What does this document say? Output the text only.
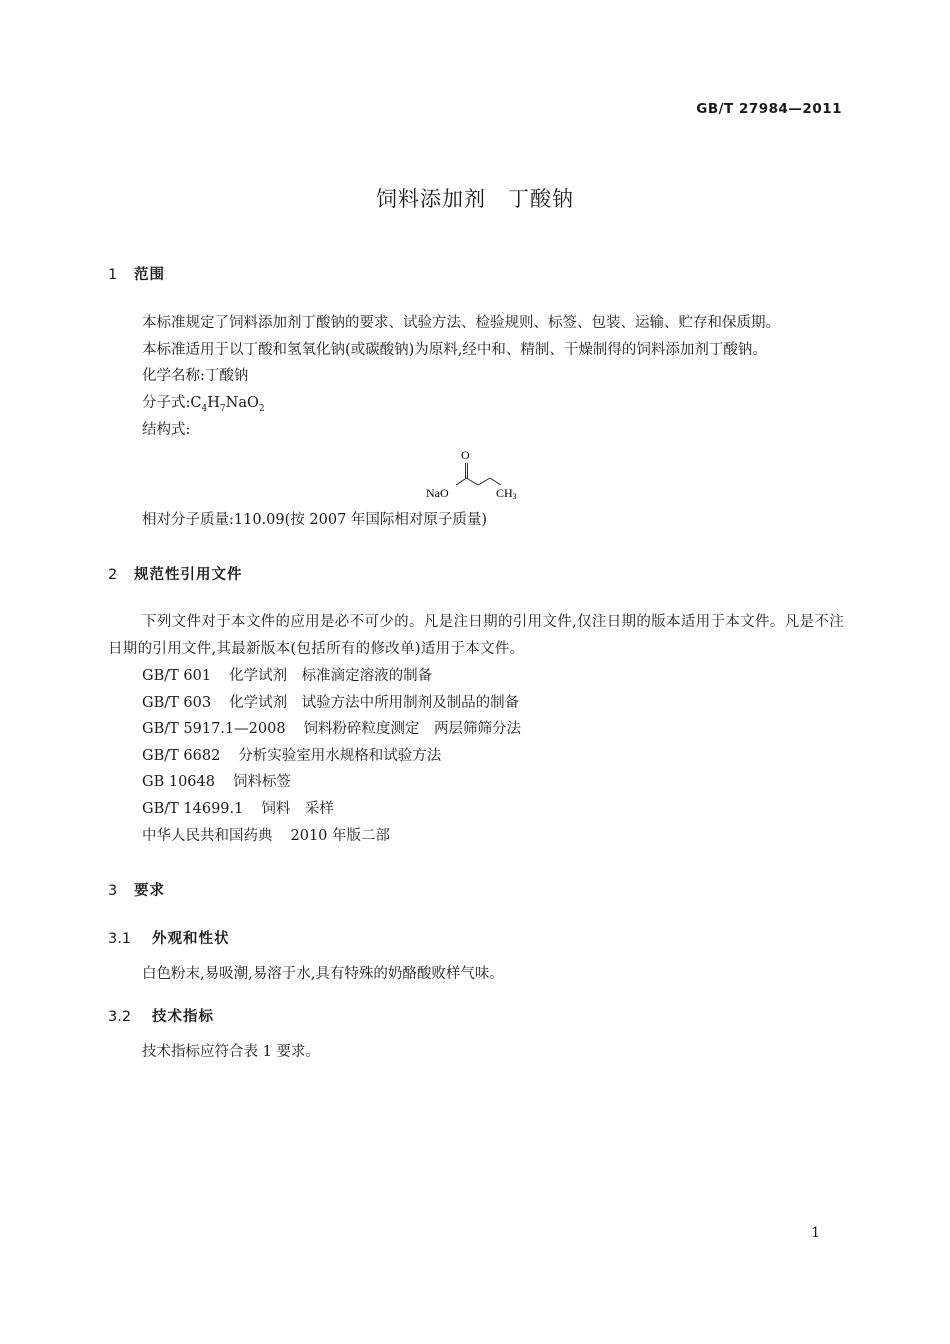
GB/T 27984—2011
饲料添加剂　丁酸钠
1 范围
本标准规定了饲料添加剂丁酸钠的要求、试验方法、检验规则、标签、包装、运输、贮存和保质期。
本标准适用于以丁酸和氢氧化钠(或碳酸钠)为原料,经中和、精制、干燥制得的饲料添加剂丁酸钠。
化学名称:丁酸钠
分子式$:C_4H_7NaO_2$
结构式:
O
NaO	CH3
相对分子质量:110.09(按 2007 年国际相对原子质量)
2 规范性引用文件
下列文件对于本文件的应用是必不可少的。凡是注日期的引用文件,仅注日期的版本适用于本文件。凡是不注日期的引用文件,其最新版本(包括所有的修改单)适用于本文件。
GB/T 601 化学试剂　标准滴定溶液的制备
GB/T 603 化学试剂　试验方法中所用制剂及制品的制备
GB/T 5917.1—2008 饲料粉碎粒度测定　两层筛筛分法
GB/T 6682 分析实验室用水规格和试验方法
GB 10648 饲料标签
GB/T 14699.1 饲料　采样
中华人民共和国药典 2010 年版二部
3 要求
3.1 外观和性状
白色粉末,易吸潮,易溶于水,具有特殊的奶酪酸败样气味。
3.2 技术指标
技术指标应符合表 1 要求。
1
